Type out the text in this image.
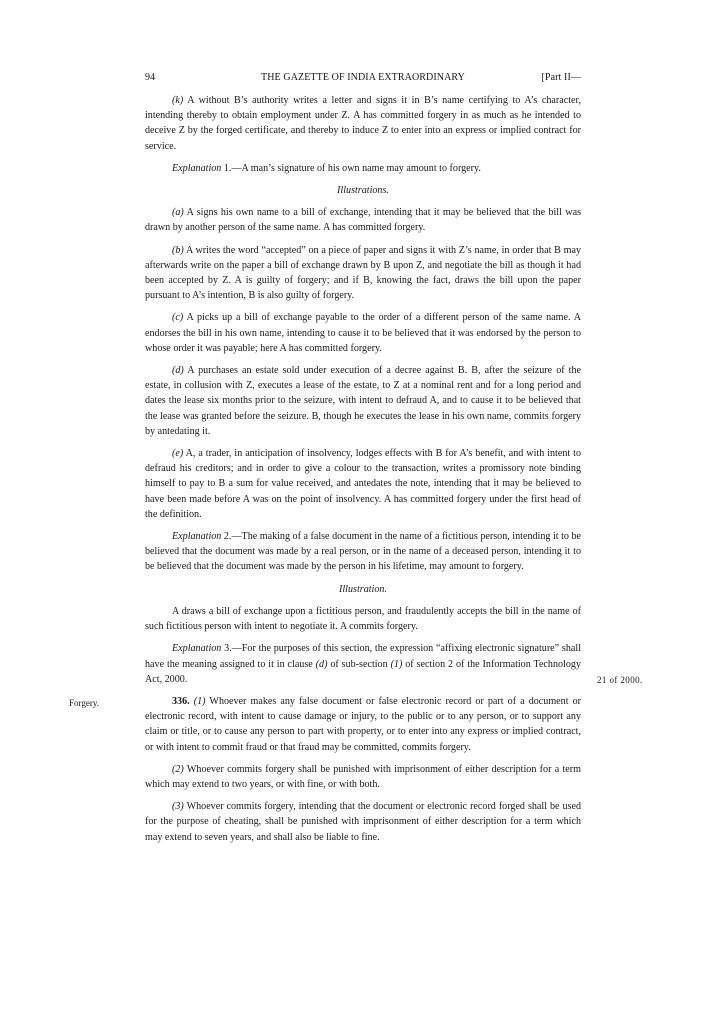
94	THE GAZETTE OF INDIA EXTRAORDINARY	[Part II—

(k) A without B’s authority writes a letter and signs it in B’s name certifying to A’s character, intending thereby to obtain employment under Z. A has committed forgery in as much as he intended to deceive Z by the forged certificate, and thereby to induce Z to enter into an express or implied contract for service.

Explanation 1.—A man’s signature of his own name may amount to forgery.

Illustrations.

(a) A signs his own name to a bill of exchange, intending that it may be believed that the bill was drawn by another person of the same name. A has committed forgery.

(b) A writes the word “accepted” on a piece of paper and signs it with Z’s name, in order that B may afterwards write on the paper a bill of exchange drawn by B upon Z, and negotiate the bill as though it had been accepted by Z. A is guilty of forgery; and if B, knowing the fact, draws the bill upon the paper pursuant to A’s intention, B is also guilty of forgery.

(c) A picks up a bill of exchange payable to the order of a different person of the same name. A endorses the bill in his own name, intending to cause it to be believed that it was endorsed by the person to whose order it was payable; here A has committed forgery.

(d) A purchases an estate sold under execution of a decree against B. B, after the seizure of the estate, in collusion with Z, executes a lease of the estate, to Z at a nominal rent and for a long period and dates the lease six months prior to the seizure, with intent to defraud A, and to cause it to be believed that the lease was granted before the seizure. B, though he executes the lease in his own name, commits forgery by antedating it.

(e) A, a trader, in anticipation of insolvency, lodges effects with B for A’s benefit, and with intent to defraud his creditors; and in order to give a colour to the transaction, writes a promissory note binding himself to pay to B a sum for value received, and antedates the note, intending that it may be believed to have been made before A was on the point of insolvency. A has committed forgery under the first head of the definition.

Explanation 2.—The making of a false document in the name of a fictitious person, intending it to be believed that the document was made by a real person, or in the name of a deceased person, intending it to be believed that the document was made by the person in his lifetime, may amount to forgery.

Illustration.

A draws a bill of exchange upon a fictitious person, and fraudulently accepts the bill in the name of such fictitious person with intent to negotiate it. A commits forgery.

Explanation 3.—For the purposes of this section, the expression “affixing electronic signature” shall have the meaning assigned to it in clause (d) of sub-section (1) of section 2 of the Information Technology Act, 2000.	21 of 2000.

Forgery.	336. (1) Whoever makes any false document or false electronic record or part of a document or electronic record, with intent to cause damage or injury, to the public or to any person, or to support any claim or title, or to cause any person to part with property, or to enter into any express or implied contract, or with intent to commit fraud or that fraud may be committed, commits forgery.

(2) Whoever commits forgery shall be punished with imprisonment of either description for a term which may extend to two years, or with fine, or with both.

(3) Whoever commits forgery, intending that the document or electronic record forged shall be used for the purpose of cheating, shall be punished with imprisonment of either description for a term which may extend to seven years, and shall also be liable to fine.
